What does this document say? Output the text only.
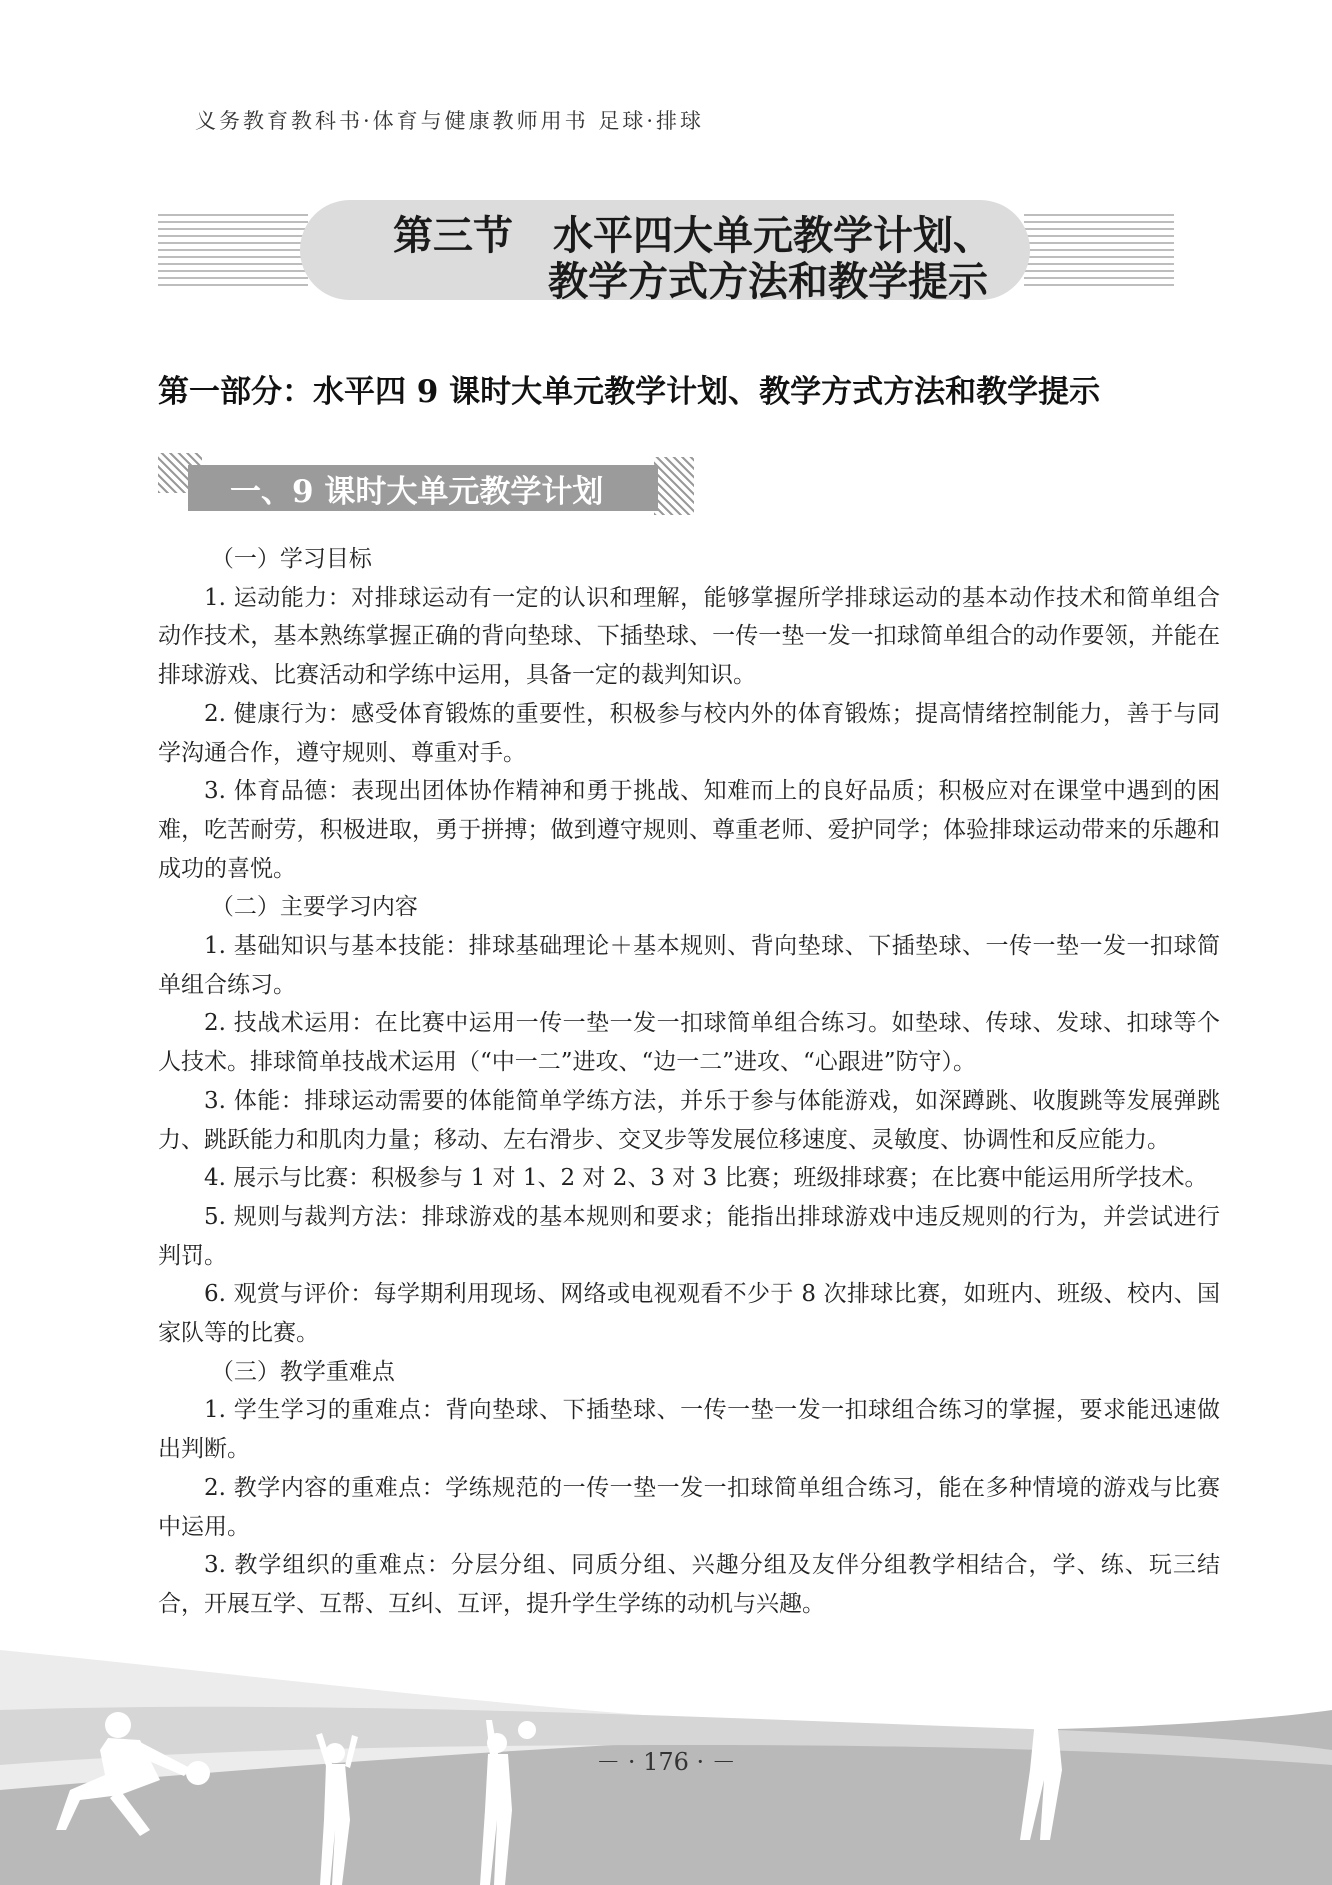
义务教育教科书·体育与健康教师用书 足球·排球
第三节　水平四大单元教学计划、
教学方式方法和教学提示
第一部分：水平四 9 课时大单元教学计划、教学方式方法和教学提示
一、9 课时大单元教学计划

（一）学习目标

1. 运动能力：对排球运动有一定的认识和理解，能够掌握所学排球运动的基本动作技术和简单组合动作技术，基本熟练掌握正确的背向垫球、下插垫球、一传一垫一发一扣球简单组合的动作要领，并能在排球游戏、比赛活动和学练中运用，具备一定的裁判知识。

2. 健康行为：感受体育锻炼的重要性，积极参与校内外的体育锻炼；提高情绪控制能力，善于与同学沟通合作，遵守规则、尊重对手。

3. 体育品德：表现出团体协作精神和勇于挑战、知难而上的良好品质；积极应对在课堂中遇到的困难，吃苦耐劳，积极进取，勇于拼搏；做到遵守规则、尊重老师、爱护同学；体验排球运动带来的乐趣和成功的喜悦。

（二）主要学习内容

1. 基础知识与基本技能：排球基础理论＋基本规则、背向垫球、下插垫球、一传一垫一发一扣球简单组合练习。

2. 技战术运用：在比赛中运用一传一垫一发一扣球简单组合练习。如垫球、传球、发球、扣球等个人技术。排球简单技战术运用（“中一二”进攻、“边一二”进攻、“心跟进”防守）。

3. 体能：排球运动需要的体能简单学练方法，并乐于参与体能游戏，如深蹲跳、收腹跳等发展弹跳力、跳跃能力和肌肉力量；移动、左右滑步、交叉步等发展位移速度、灵敏度、协调性和反应能力。

4. 展示与比赛：积极参与 1 对 1、2 对 2、3 对 3 比赛；班级排球赛；在比赛中能运用所学技术。

5. 规则与裁判方法：排球游戏的基本规则和要求；能指出排球游戏中违反规则的行为，并尝试进行判罚。

6. 观赏与评价：每学期利用现场、网络或电视观看不少于 8 次排球比赛，如班内、班级、校内、国家队等的比赛。

（三）教学重难点

1. 学生学习的重难点：背向垫球、下插垫球、一传一垫一发一扣球组合练习的掌握，要求能迅速做出判断。

2. 教学内容的重难点：学练规范的一传一垫一发一扣球简单组合练习，能在多种情境的游戏与比赛中运用。

3. 教学组织的重难点：分层分组、同质分组、兴趣分组及友伴分组教学相结合，学、练、玩三结合，开展互学、互帮、互纠、互评，提升学生学练的动机与兴趣。

－ · 176 · －
